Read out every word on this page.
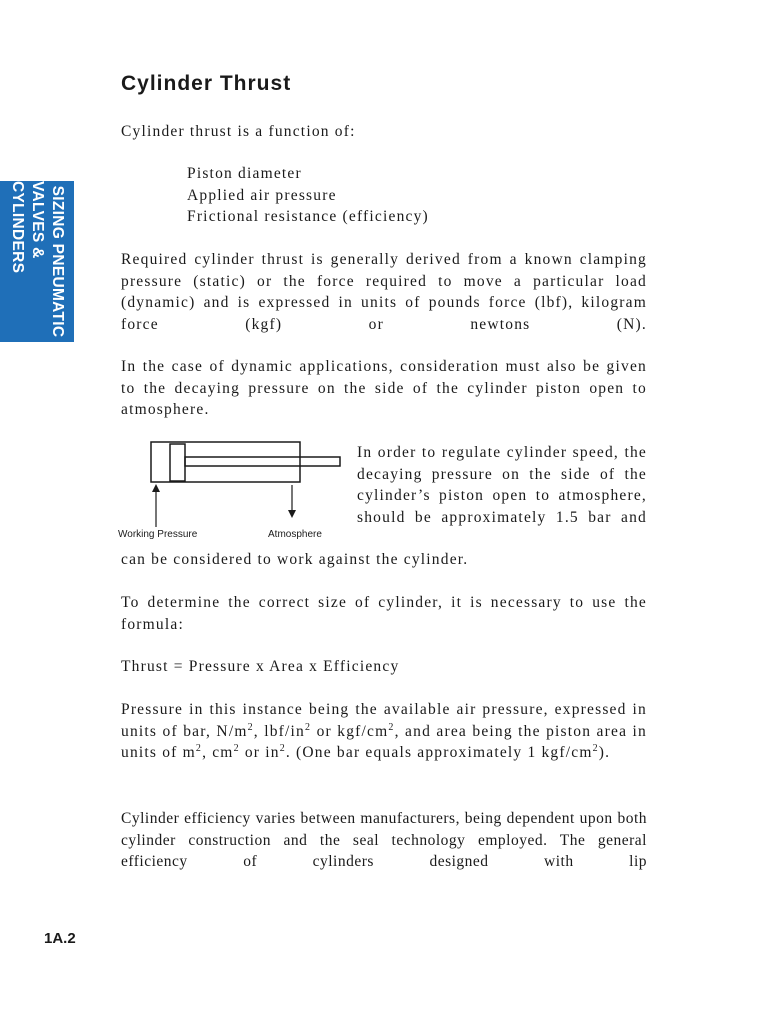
SIZING PNEUMATIC
VALVES & CYLINDERS
Cylinder Thrust

Cylinder thrust is a function of:

Piston diameter
Applied air pressure
Frictional resistance (efficiency)

Required cylinder thrust is generally derived from a known clamping pressure (static) or the force required to move a particular load (dynamic) and is expressed in units of pounds force (lbf), kilogram force (kgf) or newtons (N).

In the case of dynamic applications, consideration must also be given to the decaying pressure on the side of the cylinder piston open to atmosphere.

Working Pressure	Atmosphere

In order to regulate cylinder speed, the decaying pressure on the side of the cylinder’s piston open to atmosphere, should be approximately 1.5 bar and

can be considered to work against the cylinder.

To determine the correct size of cylinder, it is necessary to use the formula:

Thrust = Pressure x Area x Efficiency

Pressure in this instance being the available air pressure, expressed in units of bar, $N/m^2$, lbf/$in^2$ or kgf/$cm^2$, and area being the piston area in units of $m^2$, $cm^2$ or $in^2$. (One bar equals approximately 1 kgf/$cm^2$).

Cylinder efficiency varies between manufacturers, being dependent upon both cylinder construction and the seal technology employed. The general efficiency of cylinders designed with lip

1A.2
